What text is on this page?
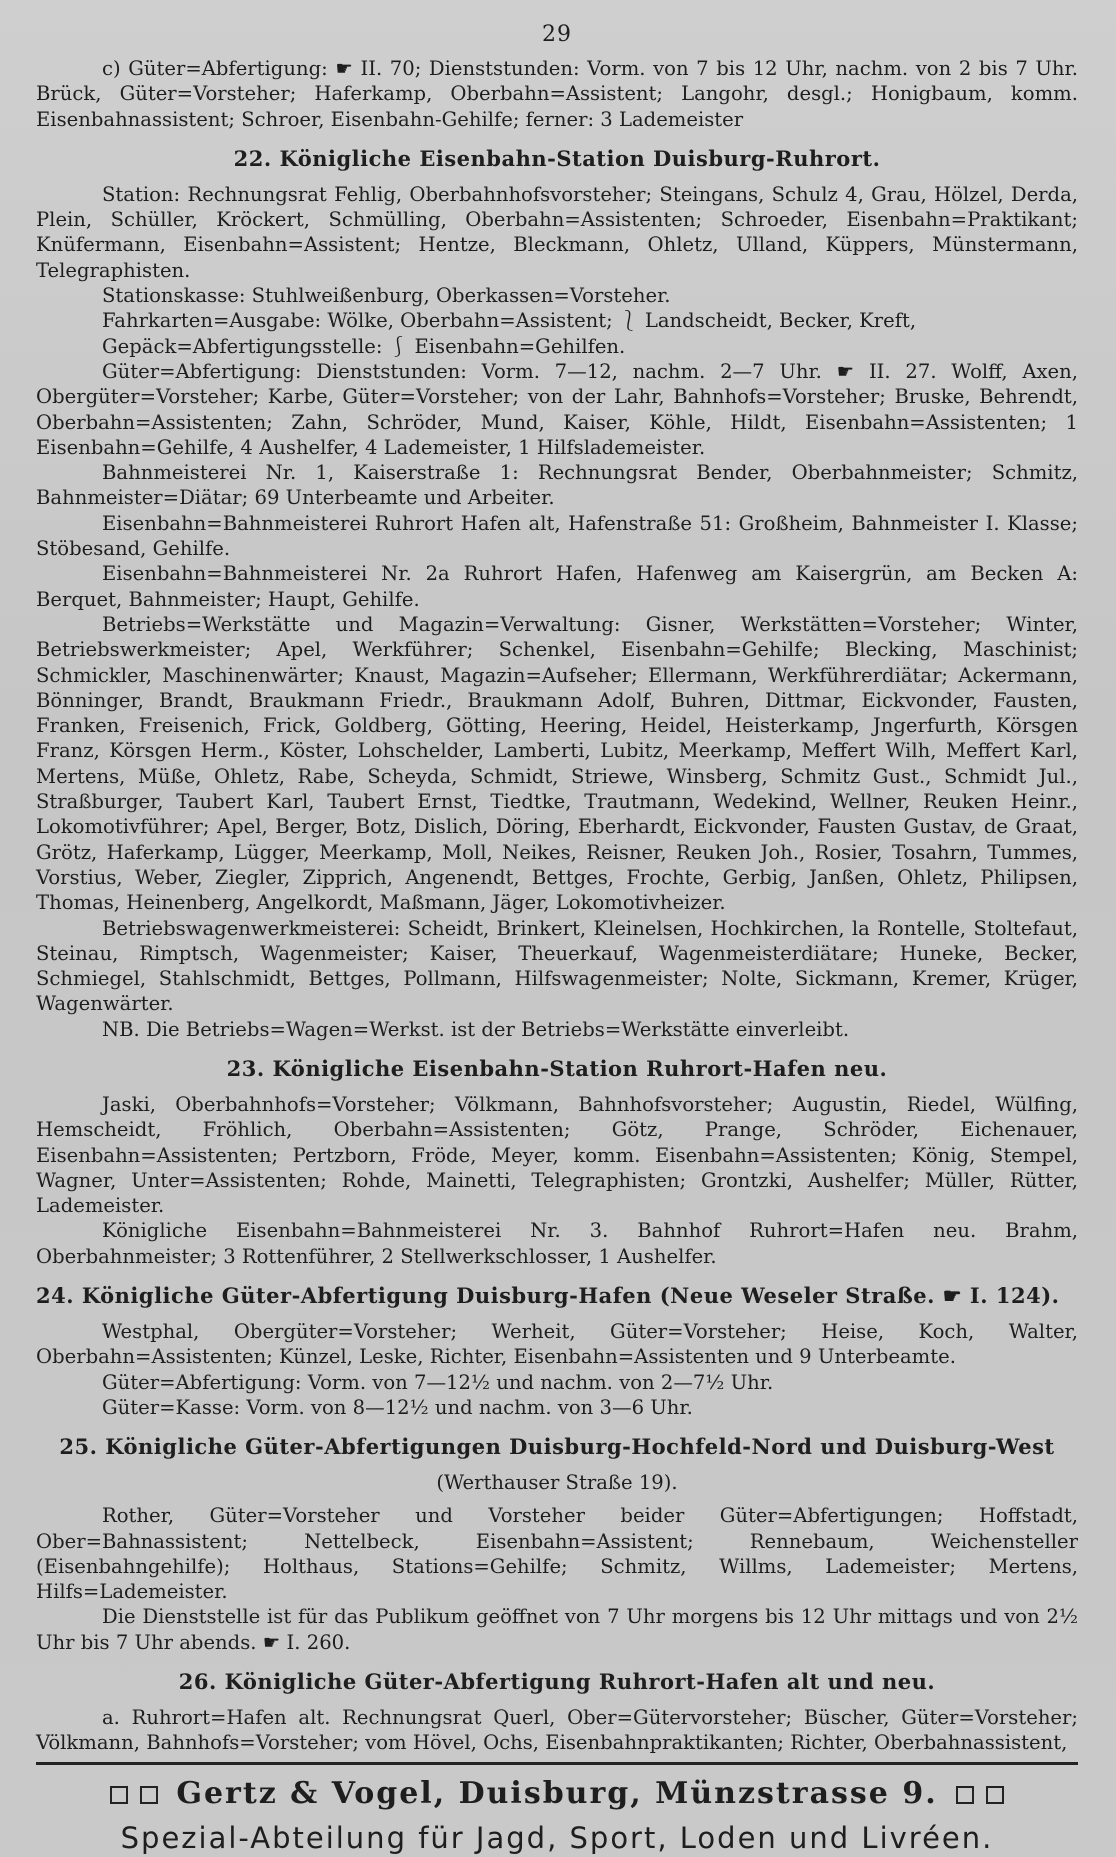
29

c) Güter=Abfertigung: ☛ II. 70; Dienststunden: Vorm. von 7 bis 12 Uhr, nachm. von 2 bis 7 Uhr. Brück, Güter=Vorsteher; Haferkamp, Oberbahn=Assistent; Langohr, desgl.; Honigbaum, komm. Eisenbahnassistent; Schroer, Eisenbahn-Gehilfe; ferner: 3 Lademeister

22. Königliche Eisenbahn-Station Duisburg-Ruhrort.

Station: Rechnungsrat Fehlig, Oberbahnhofsvorsteher; Steingans, Schulz 4, Grau, Hölzel, Derda, Plein, Schüller, Kröckert, Schmülling, Oberbahn=Assistenten; Schroeder, Eisenbahn=Praktikant; Knüfermann, Eisenbahn=Assistent; Hentze, Bleckmann, Ohletz, Ulland, Küppers, Münstermann, Telegraphisten.

Stationskasse: Stuhlweißenburg, Oberkassen=Vorsteher.

Fahrkarten=Ausgabe: Wölke, Oberbahn=Assistent; ⎱ Landscheidt, Becker, Kreft,

Gepäck=Abfertigungsstelle: ⎰ Eisenbahn=Gehilfen.

Güter=Abfertigung: Dienststunden: Vorm. 7—12, nachm. 2—7 Uhr. ☛ II. 27. Wolff, Axen, Obergüter=Vorsteher; Karbe, Güter=Vorsteher; von der Lahr, Bahnhofs=Vorsteher; Bruske, Behrendt, Oberbahn=Assistenten; Zahn, Schröder, Mund, Kaiser, Köhle, Hildt, Eisenbahn=Assistenten; 1 Eisenbahn=Gehilfe, 4 Aushelfer, 4 Lademeister, 1 Hilfslademeister.

Bahnmeisterei Nr. 1, Kaiserstraße 1: Rechnungsrat Bender, Oberbahnmeister; Schmitz, Bahnmeister=Diätar; 69 Unterbeamte und Arbeiter.

Eisenbahn=Bahnmeisterei Ruhrort Hafen alt, Hafenstraße 51: Großheim, Bahnmeister I. Klasse; Stöbesand, Gehilfe.

Eisenbahn=Bahnmeisterei Nr. 2a Ruhrort Hafen, Hafenweg am Kaisergrün, am Becken A: Berquet, Bahnmeister; Haupt, Gehilfe.

Betriebs=Werkstätte und Magazin=Verwaltung: Gisner, Werkstätten=Vorsteher; Winter, Betriebswerkmeister; Apel, Werkführer; Schenkel, Eisenbahn=Gehilfe; Blecking, Maschinist; Schmickler, Maschinenwärter; Knaust, Magazin=Aufseher; Ellermann, Werkführerdiätar; Ackermann, Bönninger, Brandt, Braukmann Friedr., Braukmann Adolf, Buhren, Dittmar, Eickvonder, Fausten, Franken, Freisenich, Frick, Goldberg, Götting, Heering, Heidel, Heisterkamp, Jngerfurth, Körsgen Franz, Körsgen Herm., Köster, Lohschelder, Lamberti, Lubitz, Meerkamp, Meffert Wilh, Meffert Karl, Mertens, Müße, Ohletz, Rabe, Scheyda, Schmidt, Striewe, Winsberg, Schmitz Gust., Schmidt Jul., Straßburger, Taubert Karl, Taubert Ernst, Tiedtke, Trautmann, Wedekind, Wellner, Reuken Heinr., Lokomotivführer; Apel, Berger, Botz, Dislich, Döring, Eberhardt, Eickvonder, Fausten Gustav, de Graat, Grötz, Haferkamp, Lügger, Meerkamp, Moll, Neikes, Reisner, Reuken Joh., Rosier, Tosahrn, Tummes, Vorstius, Weber, Ziegler, Zipprich, Angenendt, Bettges, Frochte, Gerbig, Janßen, Ohletz, Philipsen, Thomas, Heinenberg, Angelkordt, Maßmann, Jäger, Lokomotivheizer.

Betriebswagenwerkmeisterei: Scheidt, Brinkert, Kleinelsen, Hochkirchen, la Rontelle, Stoltefaut, Steinau, Rimptsch, Wagenmeister; Kaiser, Theuerkauf, Wagenmeisterdiätare; Huneke, Becker, Schmiegel, Stahlschmidt, Bettges, Pollmann, Hilfswagenmeister; Nolte, Sickmann, Kremer, Krüger, Wagenwärter.

NB. Die Betriebs=Wagen=Werkst. ist der Betriebs=Werkstätte einverleibt.

23. Königliche Eisenbahn-Station Ruhrort-Hafen neu.

Jaski, Oberbahnhofs=Vorsteher; Völkmann, Bahnhofsvorsteher; Augustin, Riedel, Wülfing, Hemscheidt, Fröhlich, Oberbahn=Assistenten; Götz, Prange, Schröder, Eichenauer, Eisenbahn=Assistenten; Pertzborn, Fröde, Meyer, komm. Eisenbahn=Assistenten; König, Stempel, Wagner, Unter=Assistenten; Rohde, Mainetti, Telegraphisten; Grontzki, Aushelfer; Müller, Rütter, Lademeister.

Königliche Eisenbahn=Bahnmeisterei Nr. 3. Bahnhof Ruhrort=Hafen neu. Brahm, Oberbahnmeister; 3 Rottenführer, 2 Stellwerkschlosser, 1 Aushelfer.

24. Königliche Güter-Abfertigung Duisburg-Hafen (Neue Weseler Straße. ☛ I. 124).

Westphal, Obergüter=Vorsteher; Werheit, Güter=Vorsteher; Heise, Koch, Walter, Oberbahn=Assistenten; Künzel, Leske, Richter, Eisenbahn=Assistenten und 9 Unterbeamte.

Güter=Abfertigung: Vorm. von 7—12½ und nachm. von 2—7½ Uhr.

Güter=Kasse: Vorm. von 8—12½ und nachm. von 3—6 Uhr.

25. Königliche Güter-Abfertigungen Duisburg-Hochfeld-Nord und Duisburg-West
(Werthauser Straße 19).

Rother, Güter=Vorsteher und Vorsteher beider Güter=Abfertigungen; Hoffstadt, Ober=Bahnassistent; Nettelbeck, Eisenbahn=Assistent; Rennebaum, Weichensteller (Eisenbahngehilfe); Holthaus, Stations=Gehilfe; Schmitz, Willms, Lademeister; Mertens, Hilfs=Lademeister.

Die Dienststelle ist für das Publikum geöffnet von 7 Uhr morgens bis 12 Uhr mittags und von 2½ Uhr bis 7 Uhr abends. ☛ I. 260.

26. Königliche Güter-Abfertigung Ruhrort-Hafen alt und neu.

a. Ruhrort=Hafen alt. Rechnungsrat Querl, Ober=Gütervorsteher; Büscher, Güter=Vorsteher; Völkmann, Bahnhofs=Vorsteher; vom Hövel, Ochs, Eisenbahnpraktikanten; Richter, Oberbahnassistent,

Gertz & Vogel, Duisburg, Münzstrasse 9.
Spezial-Abteilung für Jagd, Sport, Loden und Livréen.
